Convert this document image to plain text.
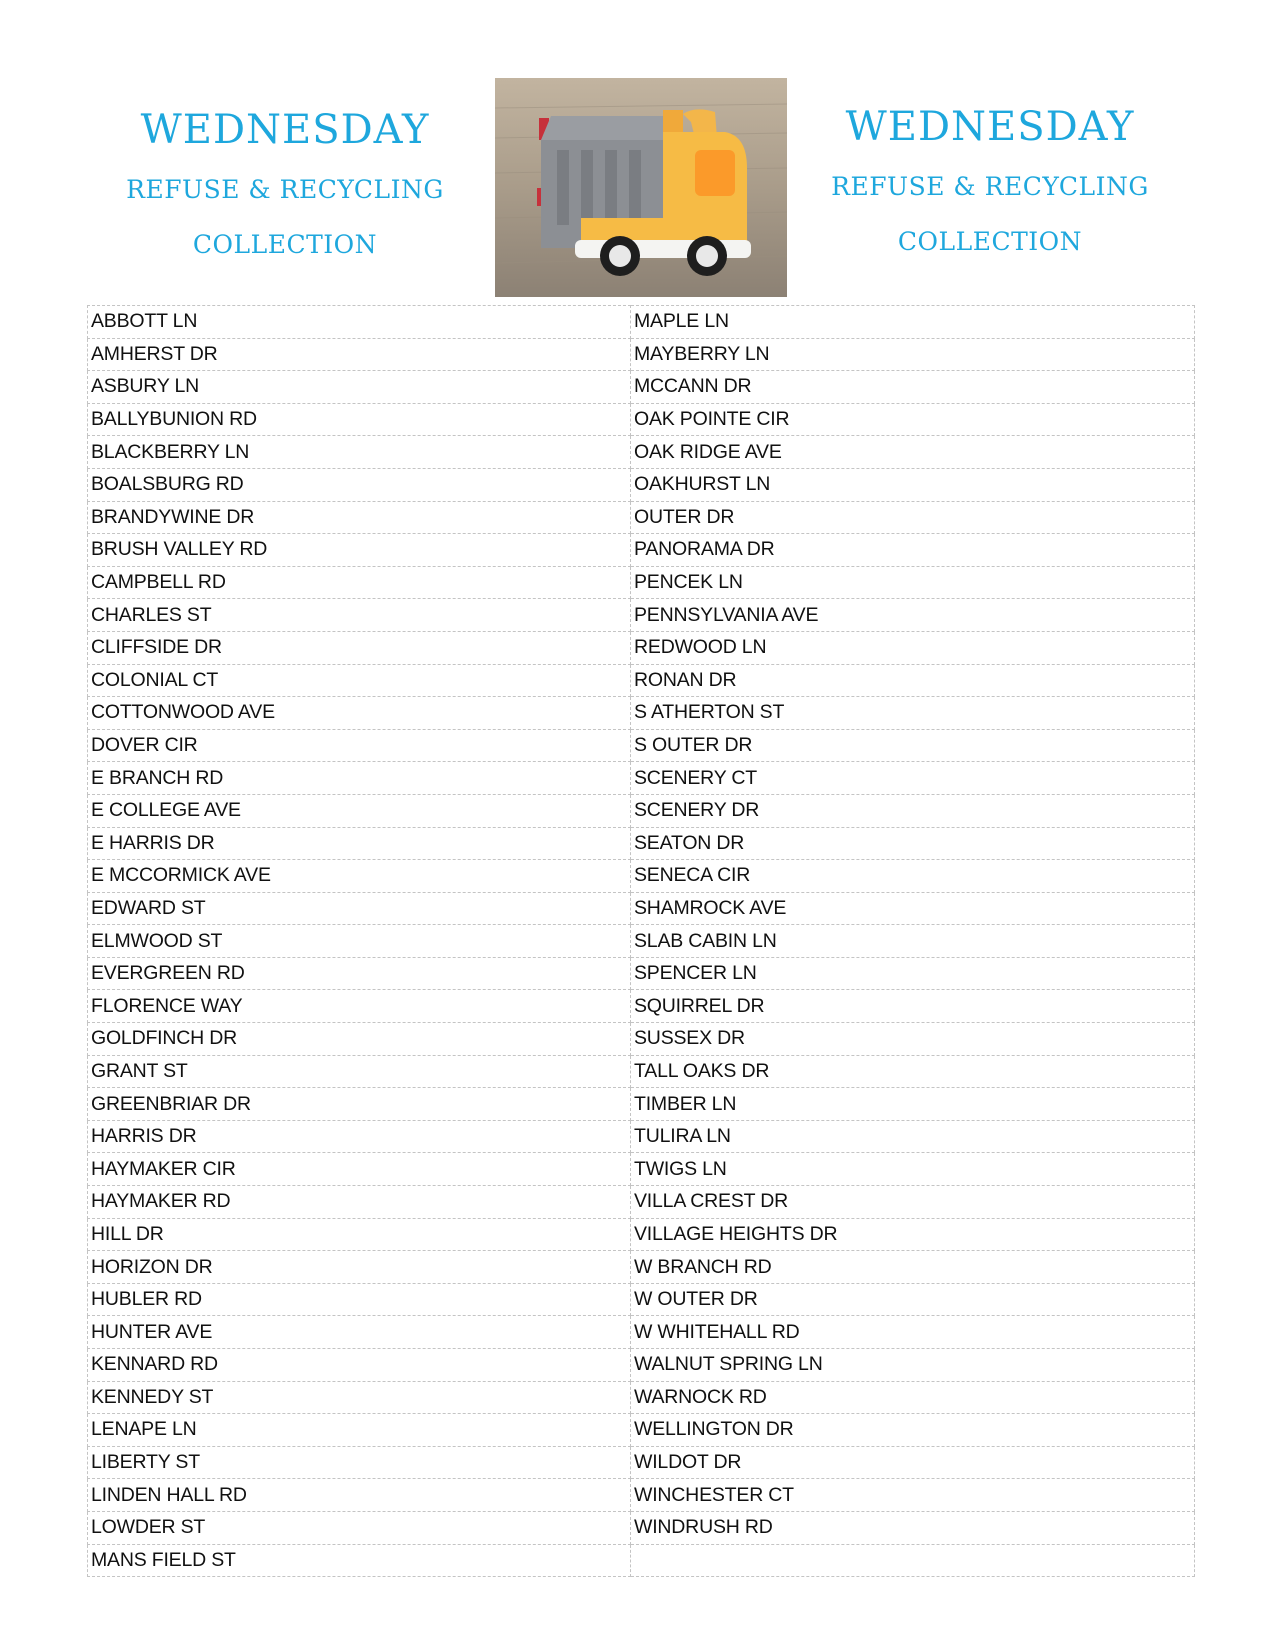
WEDNESDAY
REFUSE & RECYCLING
COLLECTION
WEDNESDAY
REFUSE & RECYCLING
COLLECTION
ABBOTT LN	MAPLE LN
AMHERST DR	MAYBERRY LN
ASBURY LN	MCCANN DR
BALLYBUNION RD	OAK POINTE CIR
BLACKBERRY LN	OAK RIDGE AVE
BOALSBURG RD	OAKHURST LN
BRANDYWINE DR	OUTER DR
BRUSH VALLEY RD	PANORAMA DR
CAMPBELL RD	PENCEK LN
CHARLES ST	PENNSYLVANIA AVE
CLIFFSIDE DR	REDWOOD LN
COLONIAL CT	RONAN DR
COTTONWOOD AVE	S ATHERTON ST
DOVER CIR	S OUTER DR
E BRANCH RD	SCENERY CT
E COLLEGE AVE	SCENERY DR
E HARRIS DR	SEATON DR
E MCCORMICK AVE	SENECA CIR
EDWARD ST	SHAMROCK AVE
ELMWOOD ST	SLAB CABIN LN
EVERGREEN RD	SPENCER LN
FLORENCE WAY	SQUIRREL DR
GOLDFINCH DR	SUSSEX DR
GRANT ST	TALL OAKS DR
GREENBRIAR DR	TIMBER LN
HARRIS DR	TULIRA LN
HAYMAKER CIR	TWIGS LN
HAYMAKER RD	VILLA CREST DR
HILL DR	VILLAGE HEIGHTS DR
HORIZON DR	W BRANCH RD
HUBLER RD	W OUTER DR
HUNTER AVE	W WHITEHALL RD
KENNARD RD	WALNUT SPRING LN
KENNEDY ST	WARNOCK RD
LENAPE LN	WELLINGTON DR
LIBERTY ST	WILDOT DR
LINDEN HALL RD	WINCHESTER CT
LOWDER ST	WINDRUSH RD
MANS FIELD ST	
